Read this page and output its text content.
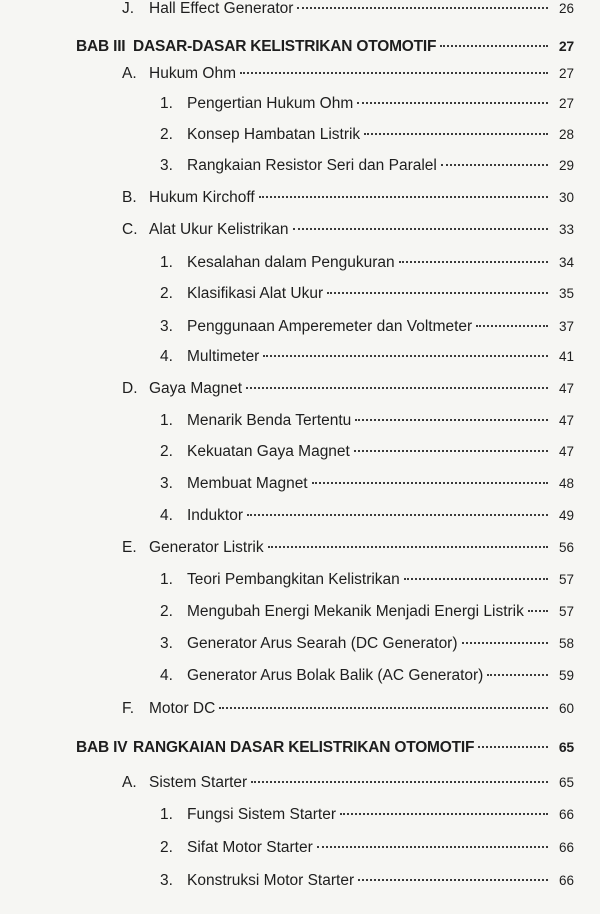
J. Hall Effect Generator	26
BAB III DASAR-DASAR KELISTRIKAN OTOMOTIF	27
A. Hukum Ohm	27
1. Pengertian Hukum Ohm	27
2. Konsep Hambatan Listrik	28
3. Rangkaian Resistor Seri dan Paralel	29
B. Hukum Kirchoff	30
C. Alat Ukur Kelistrikan	33
1. Kesalahan dalam Pengukuran	34
2. Klasifikasi Alat Ukur	35
3. Penggunaan Amperemeter dan Voltmeter	37
4. Multimeter	41
D. Gaya Magnet	47
1. Menarik Benda Tertentu	47
2. Kekuatan Gaya Magnet	47
3. Membuat Magnet	48
4. Induktor	49
E. Generator Listrik	56
1. Teori Pembangkitan Kelistrikan	57
2. Mengubah Energi Mekanik Menjadi Energi Listrik	57
3. Generator Arus Searah (DC Generator)	58
4. Generator Arus Bolak Balik (AC Generator)	59
F. Motor DC	60
BAB IV RANGKAIAN DASAR KELISTRIKAN OTOMOTIF	65
A. Sistem Starter	65
1. Fungsi Sistem Starter	66
2. Sifat Motor Starter	66
3. Konstruksi Motor Starter	66
